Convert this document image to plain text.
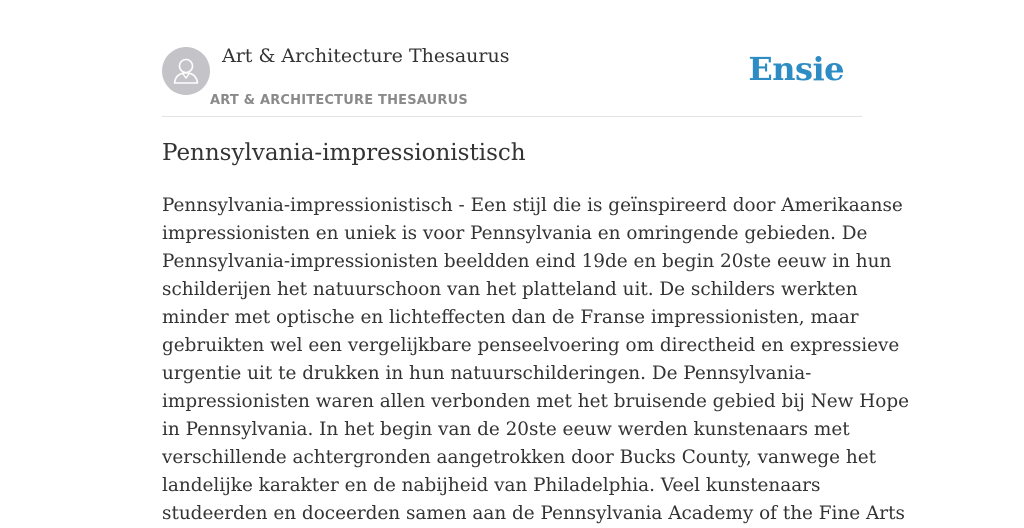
Art & Architecture Thesaurus
ART & ARCHITECTURE THESAURUS
Ensie
Pennsylvania-impressionistisch

Pennsylvania-impressionistisch - Een stijl die is geïnspireerd door Amerikaanse
impressionisten en uniek is voor Pennsylvania en omringende gebieden. De
Pennsylvania-impressionisten beeldden eind 19de en begin 20ste eeuw in hun
schilderijen het natuurschoon van het platteland uit. De schilders werkten
minder met optische en lichteffecten dan de Franse impressionisten, maar
gebruikten wel een vergelijkbare penseelvoering om directheid en expressieve
urgentie uit te drukken in hun natuurschilderingen. De Pennsylvania-
impressionisten waren allen verbonden met het bruisende gebied bij New Hope
in Pennsylvania. In het begin van de 20ste eeuw werden kunstenaars met
verschillende achtergronden aangetrokken door Bucks County, vanwege het
landelijke karakter en de nabijheid van Philadelphia. Veel kunstenaars
studeerden en doceerden samen aan de Pennsylvania Academy of the Fine Arts
